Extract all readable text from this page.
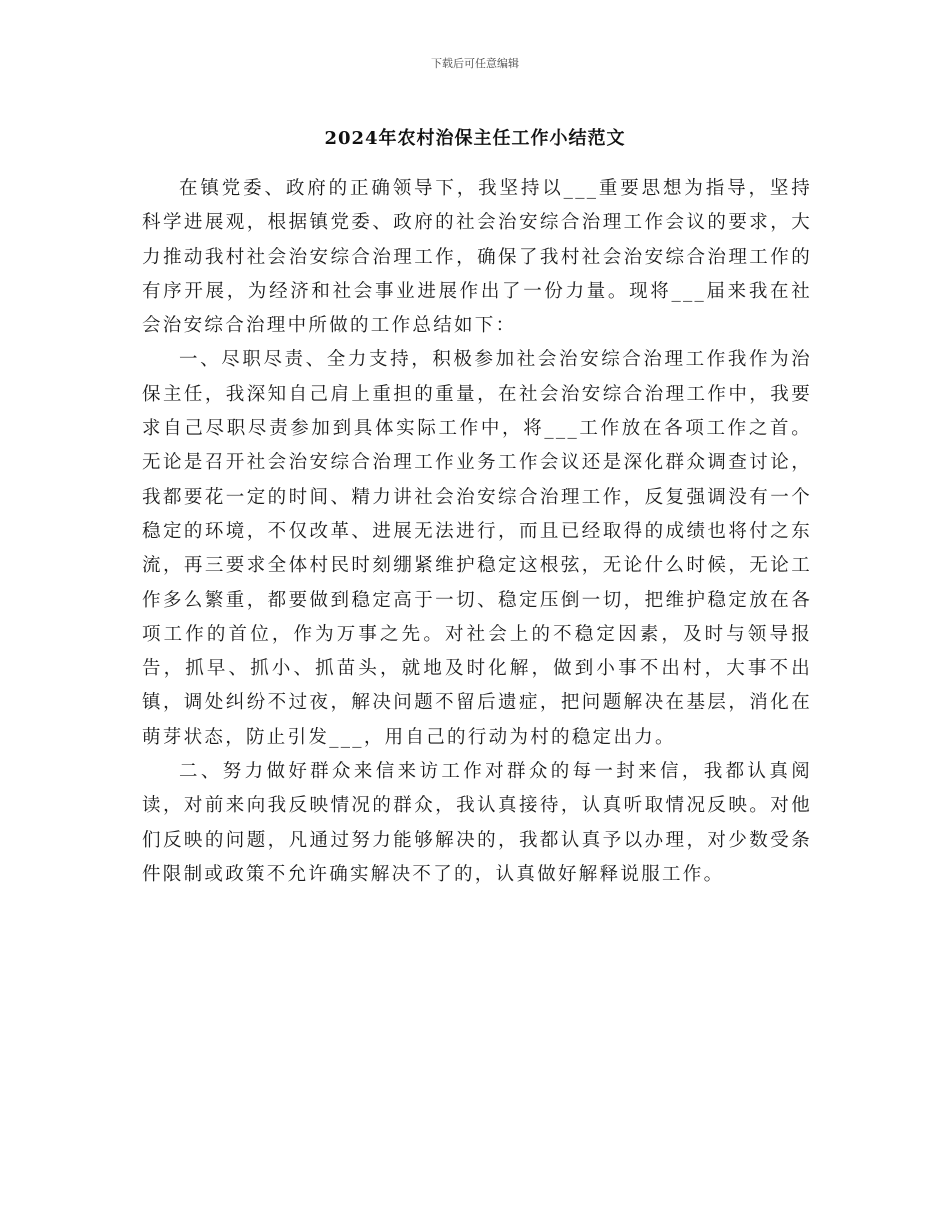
下载后可任意编辑
2024年农村治保主任工作小结范文

在镇党委、政府的正确领导下，我坚持以___重要思想为指导，坚持科学进展观，根据镇党委、政府的社会治安综合治理工作会议的要求，大力推动我村社会治安综合治理工作，确保了我村社会治安综合治理工作的有序开展，为经济和社会事业进展作出了一份力量。现将___届来我在社会治安综合治理中所做的工作总结如下：

一、尽职尽责、全力支持，积极参加社会治安综合治理工作我作为治保主任，我深知自己肩上重担的重量，在社会治安综合治理工作中，我要求自己尽职尽责参加到具体实际工作中，将___工作放在各项工作之首。无论是召开社会治安综合治理工作业务工作会议还是深化群众调查讨论，我都要花一定的时间、精力讲社会治安综合治理工作，反复强调没有一个稳定的环境，不仅改革、进展无法进行，而且已经取得的成绩也将付之东流，再三要求全体村民时刻绷紧维护稳定这根弦，无论什么时候，无论工作多么繁重，都要做到稳定高于一切、稳定压倒一切，把维护稳定放在各项工作的首位，作为万事之先。对社会上的不稳定因素，及时与领导报告，抓早、抓小、抓苗头，就地及时化解，做到小事不出村，大事不出镇，调处纠纷不过夜，解决问题不留后遗症，把问题解决在基层，消化在萌芽状态，防止引发___，用自己的行动为村的稳定出力。

二、努力做好群众来信来访工作对群众的每一封来信，我都认真阅读，对前来向我反映情况的群众，我认真接待，认真听取情况反映。对他们反映的问题，凡通过努力能够解决的，我都认真予以办理，对少数受条件限制或政策不允许确实解决不了的，认真做好解释说服工作。
